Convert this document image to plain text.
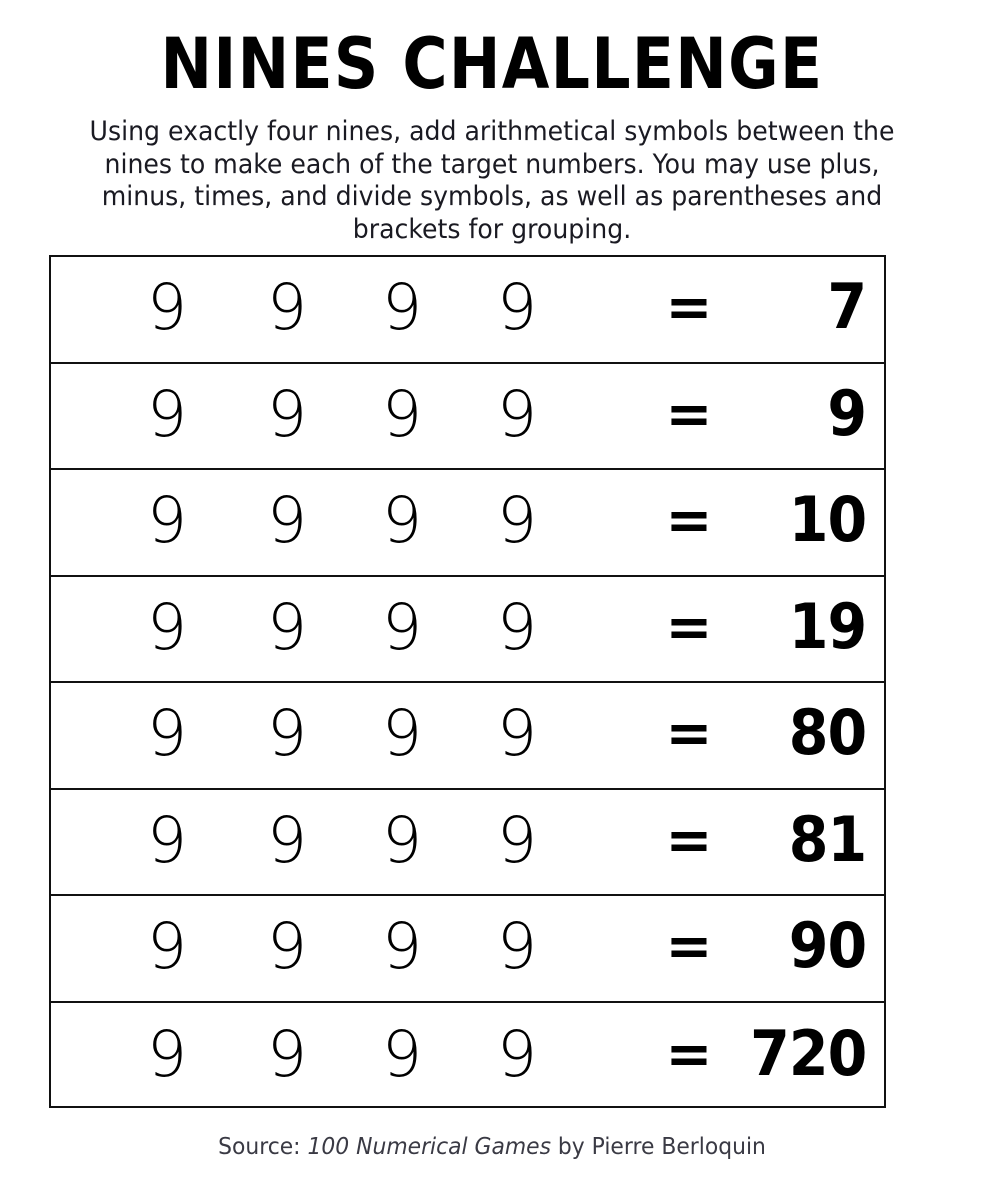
NINES CHALLENGE
Using exactly four nines, add arithmetical symbols between the nines to make each of the target numbers. You may use plus, minus, times, and divide symbols, as well as parentheses and brackets for grouping.
9 9 9 9 = 7
9 9 9 9 = 9
9 9 9 9 = 10
9 9 9 9 = 19
9 9 9 9 = 80
9 9 9 9 = 81
9 9 9 9 = 90
9 9 9 9 = 720
Source: 100 Numerical Games by Pierre Berloquin
